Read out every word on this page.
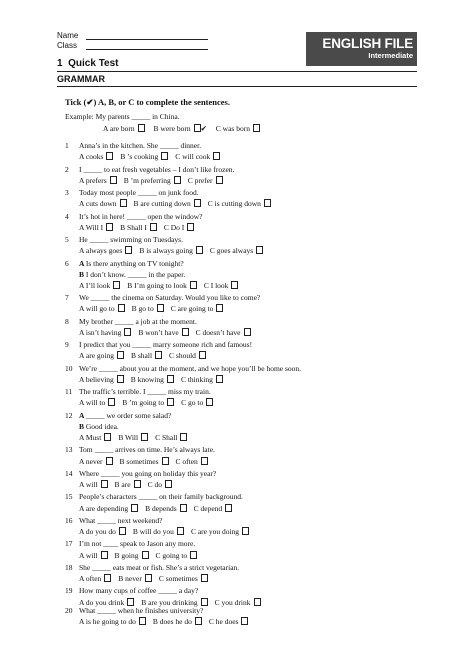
Name
Class	ENGLISH FILE
Intermediate
1 Quick Test
GRAMMAR
Tick (✔) A, B, or C to complete the sentences.
Example: My parents _____ in China.
A are born	B were born ✔ C was born
1	Anna’s in the kitchen. She _____ dinner.
A cooks B ’s cooking C will cook
2	I _____ to eat fresh vegetables – I don’t like frozen.
A prefers B ’m preferring C prefer
3	Today most people _____ on junk food.
A cuts down B are cutting down C is cutting down
4	It’s hot in here! _____ open the window?
A Will I B Shall I C Do I
5	He _____ swimming on Tuesdays.
A always goes B is always going C goes always
6	A Is there anything on TV tonight?
B I don’t know. _____ in the paper.
A I’ll look B I’m going to look C I look
7	We _____ the cinema on Saturday. Would you like to come?
A will go to B go to C are going to
8	My brother _____ a job at the moment.
A isn’t having B won’t have C doesn’t have
9	I predict that you _____ marry someone rich and famous!
A are going B shall C should
10 We’re _____ about you at the moment, and we hope you’ll be home soon.
A believing B knowing C thinking
11 The traffic’s terrible. I _____ miss my train.
A will to B ’m going to C go to
12 A _____ we order some salad?
B Good idea.
A Must B Will C Shall
13 Tom _____ arrives on time. He’s always late.
A never B sometimes C often
14 Where _____ you going on holiday this year?
A will B are C do
15 People’s characters _____ on their family background.
A are depending B depends C depend
16 What _____ next weekend?
A do you do B will do you C are you doing
17 I’m not ____ speak to Jason any more.
A will B going C going to
18 She _____ eats meat or fish. She’s a strict vegetarian.
A often B never C sometimes
19 How many cups of coffee _____ a day?
A do you drink B are you drinking C you drink
20 What _____ when he finishes university?
A is he going to do B does he do C he does
